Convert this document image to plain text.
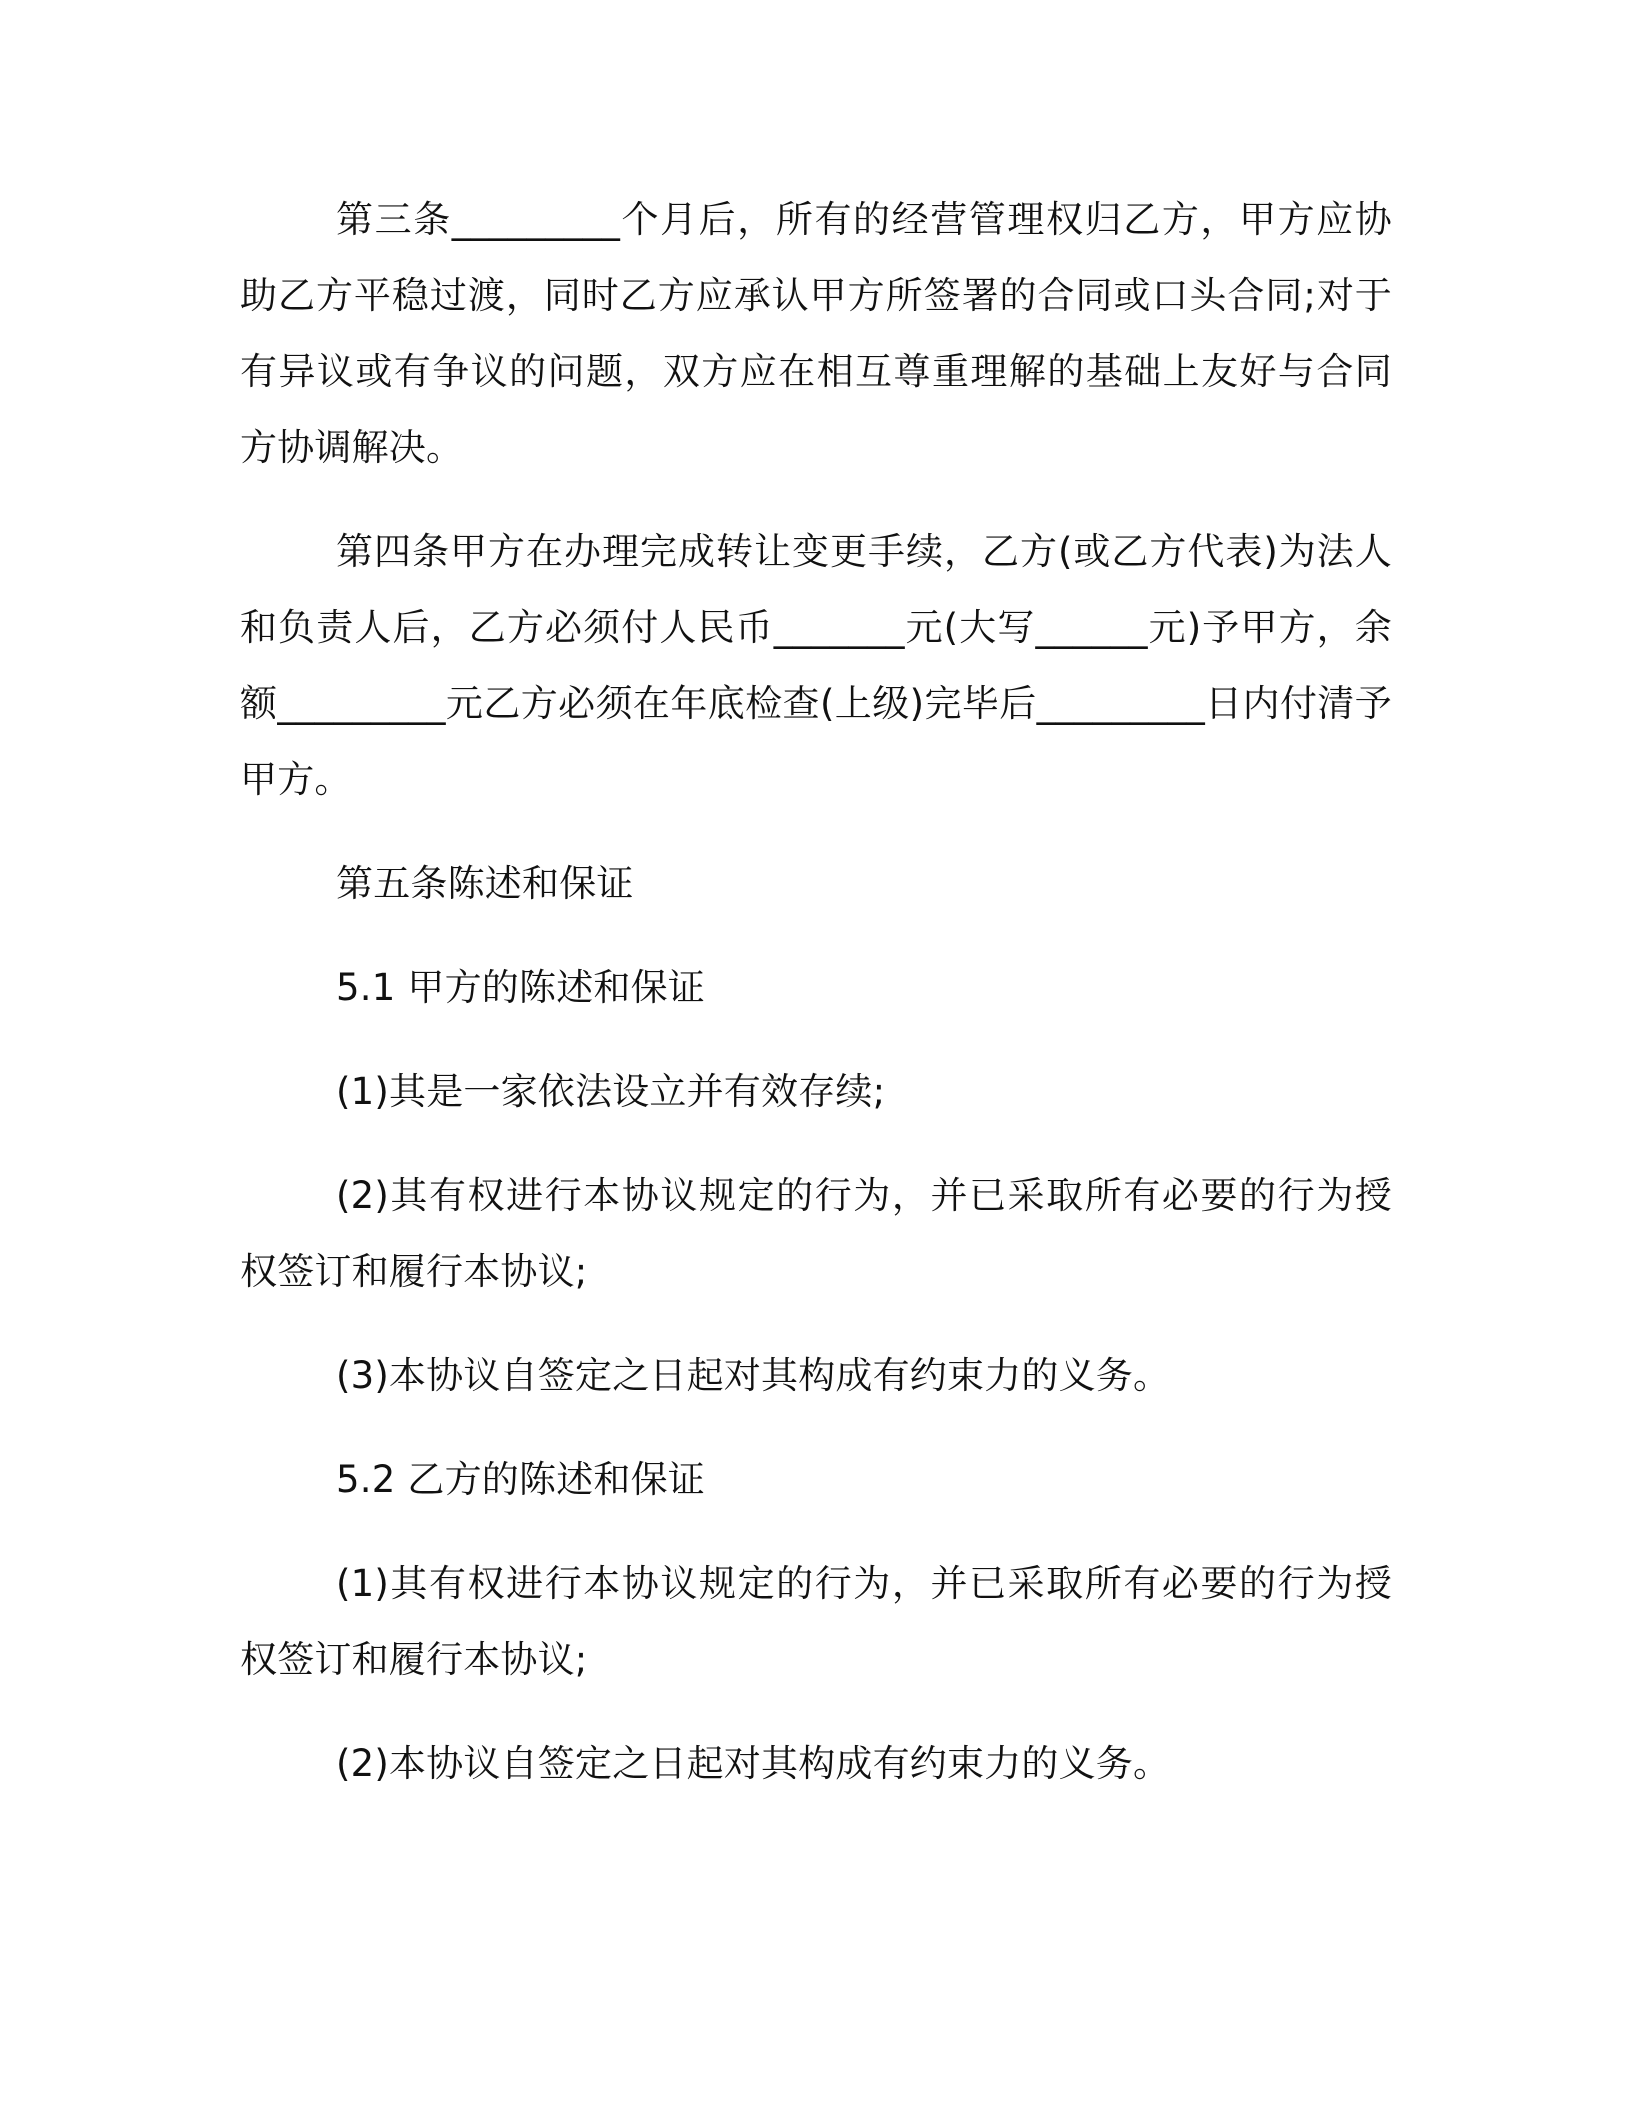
第三条_________个月后，所有的经营管理权归乙方，甲方应协助乙方平稳过渡，同时乙方应承认甲方所签署的合同或口头合同;对于有异议或有争议的问题，双方应在相互尊重理解的基础上友好与合同方协调解决。

第四条甲方在办理完成转让变更手续，乙方(或乙方代表)为法人和负责人后，乙方必须付人民币_______元(大写______元)予甲方，余额_________元乙方必须在年底检查(上级)完毕后_________日内付清予甲方。

第五条陈述和保证

5.1 甲方的陈述和保证

(1)其是一家依法设立并有效存续;

(2)其有权进行本协议规定的行为，并已采取所有必要的行为授权签订和履行本协议;

(3)本协议自签定之日起对其构成有约束力的义务。

5.2 乙方的陈述和保证

(1)其有权进行本协议规定的行为，并已采取所有必要的行为授权签订和履行本协议;

(2)本协议自签定之日起对其构成有约束力的义务。
